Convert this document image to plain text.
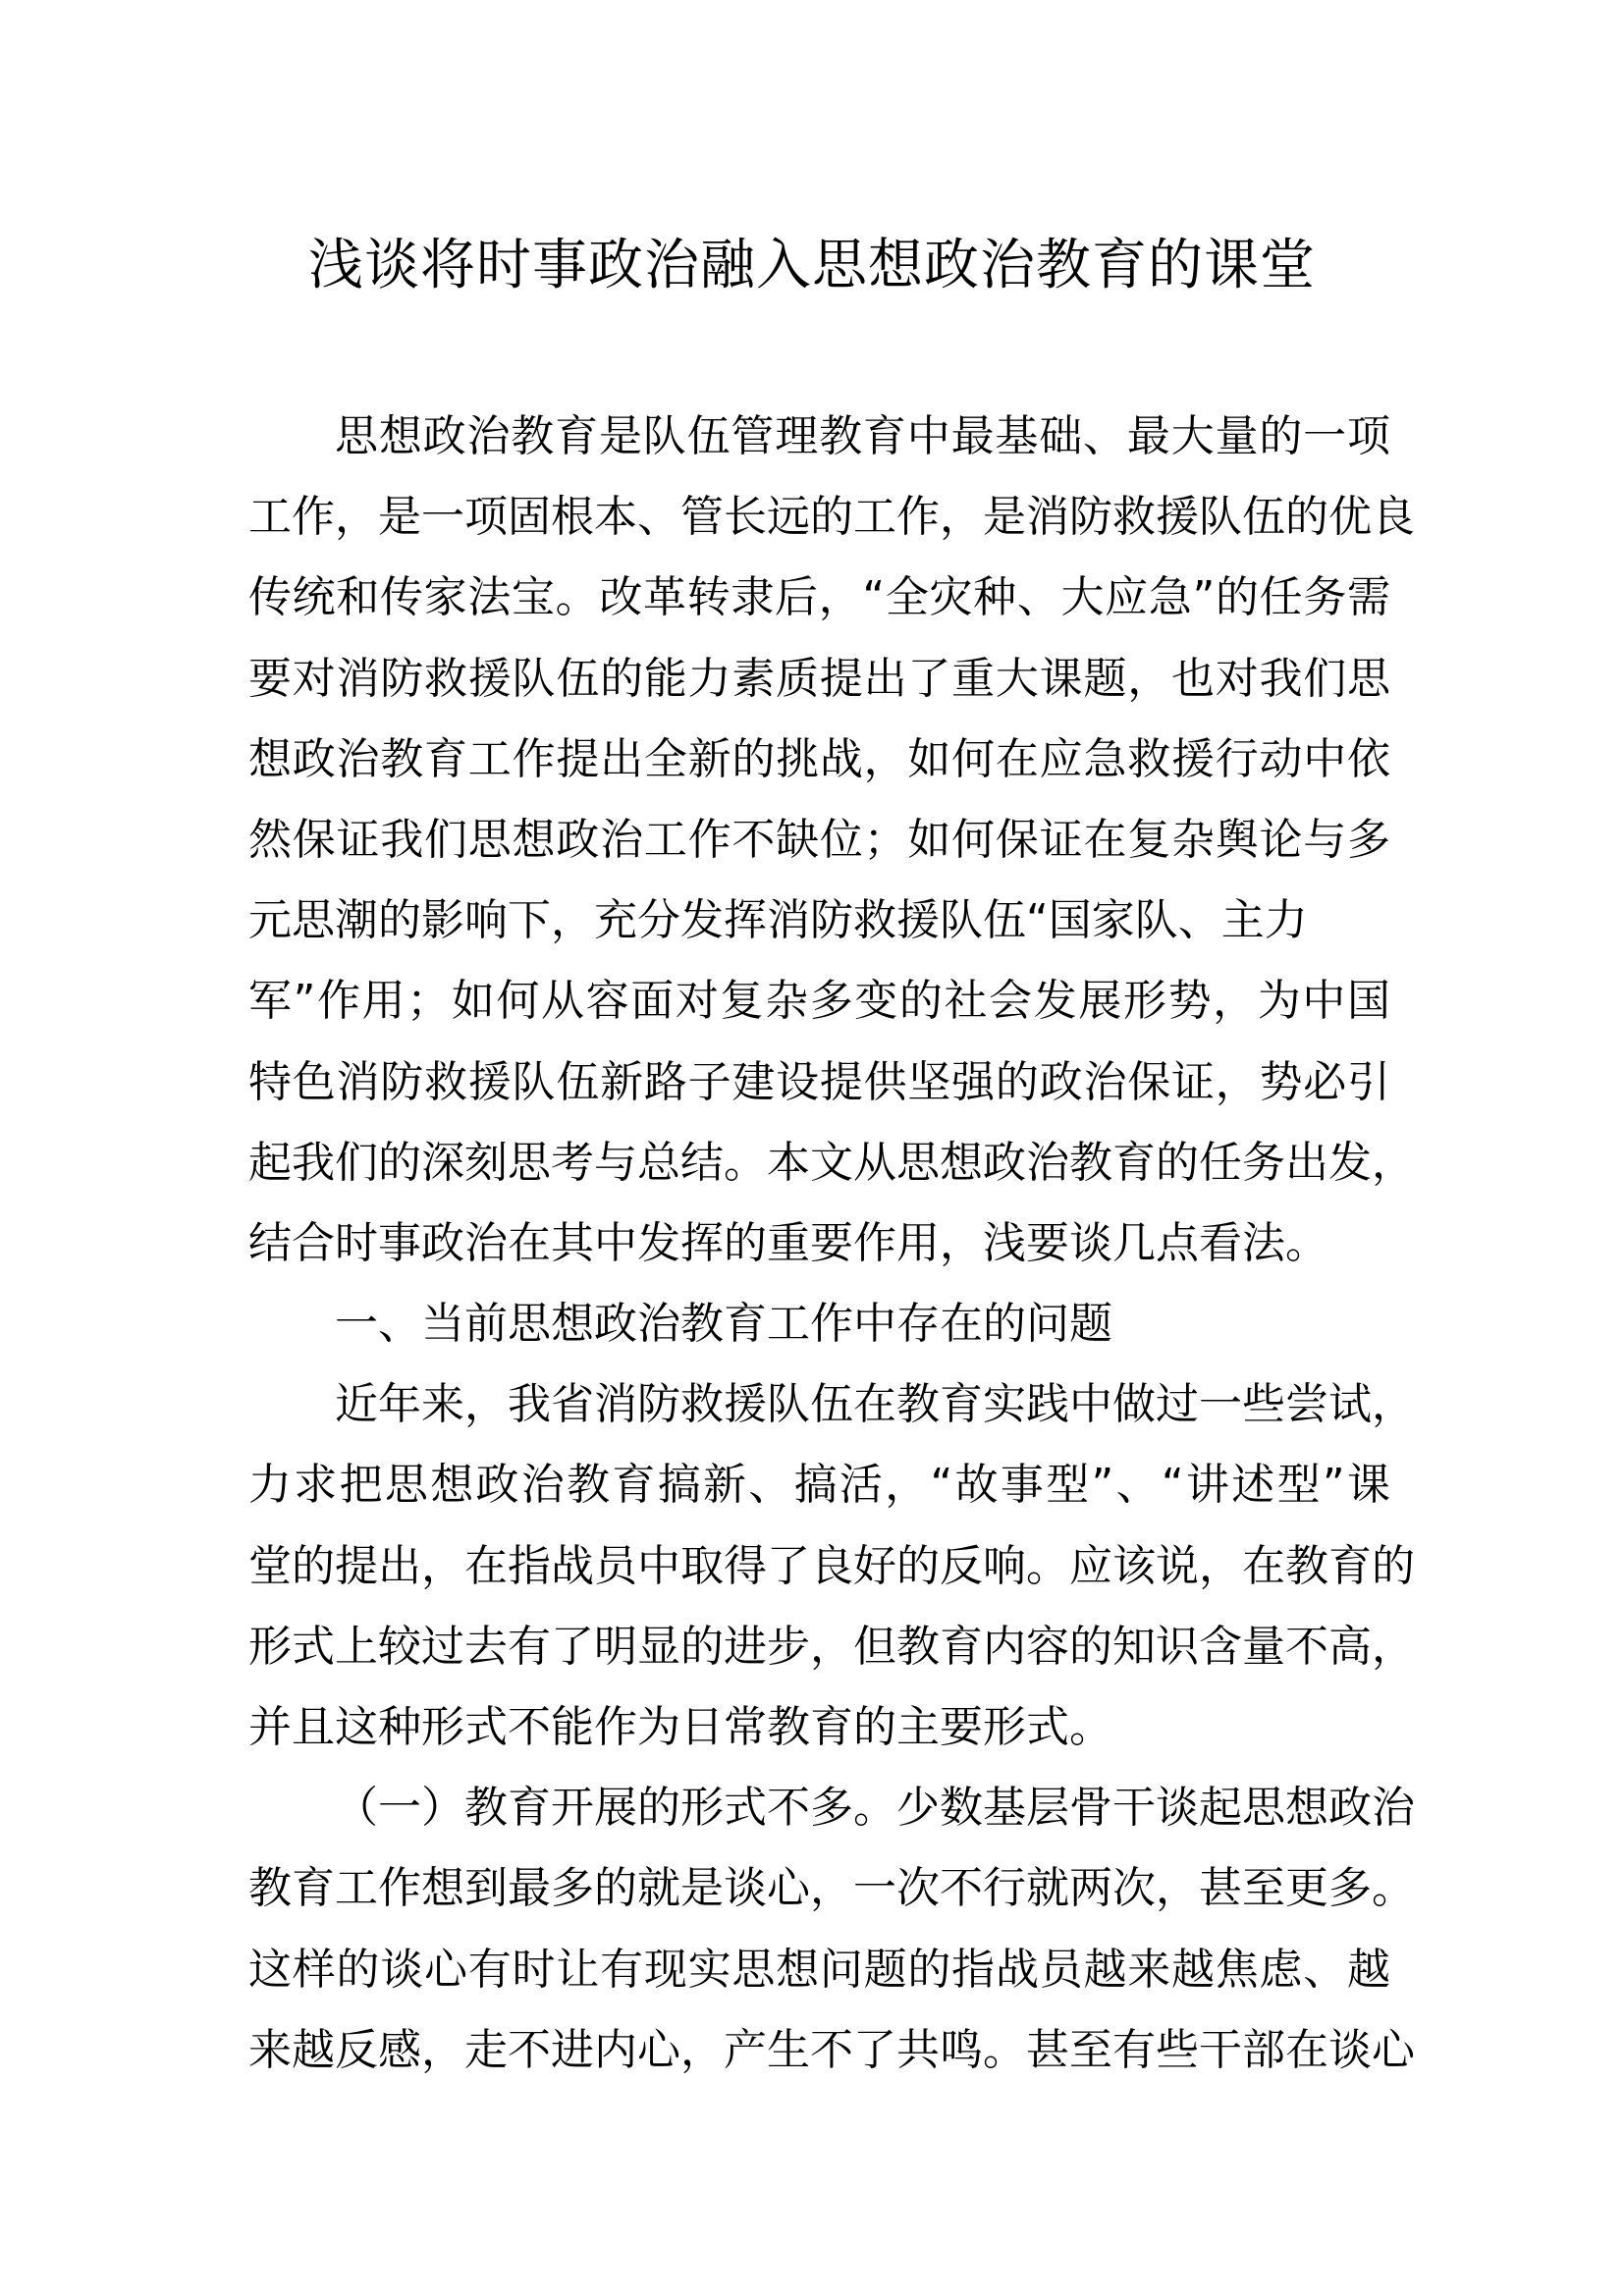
浅谈将时事政治融入思想政治教育的课堂
思想政治教育是队伍管理教育中最基础、最大量的一项
工作，是一项固根本、管长远的工作，是消防救援队伍的优良
传统和传家法宝。改革转隶后，“全灾种、大应急”的任务需
要对消防救援队伍的能力素质提出了重大课题，也对我们思
想政治教育工作提出全新的挑战，如何在应急救援行动中依
然保证我们思想政治工作不缺位；如何保证在复杂舆论与多
元思潮的影响下，充分发挥消防救援队伍“国家队、主力
军”作用；如何从容面对复杂多变的社会发展形势，为中国
特色消防救援队伍新路子建设提供坚强的政治保证，势必引
起我们的深刻思考与总结。本文从思想政治教育的任务出发，
结合时事政治在其中发挥的重要作用，浅要谈几点看法。
一、当前思想政治教育工作中存在的问题
近年来，我省消防救援队伍在教育实践中做过一些尝试，
力求把思想政治教育搞新、搞活，“故事型”、“讲述型”课
堂的提出，在指战员中取得了良好的反响。应该说，在教育的
形式上较过去有了明显的进步，但教育内容的知识含量不高，
并且这种形式不能作为日常教育的主要形式。
（一）教育开展的形式不多。少数基层骨干谈起思想政治
教育工作想到最多的就是谈心，一次不行就两次，甚至更多。
这样的谈心有时让有现实思想问题的指战员越来越焦虑、越
来越反感，走不进内心，产生不了共鸣。甚至有些干部在谈心
